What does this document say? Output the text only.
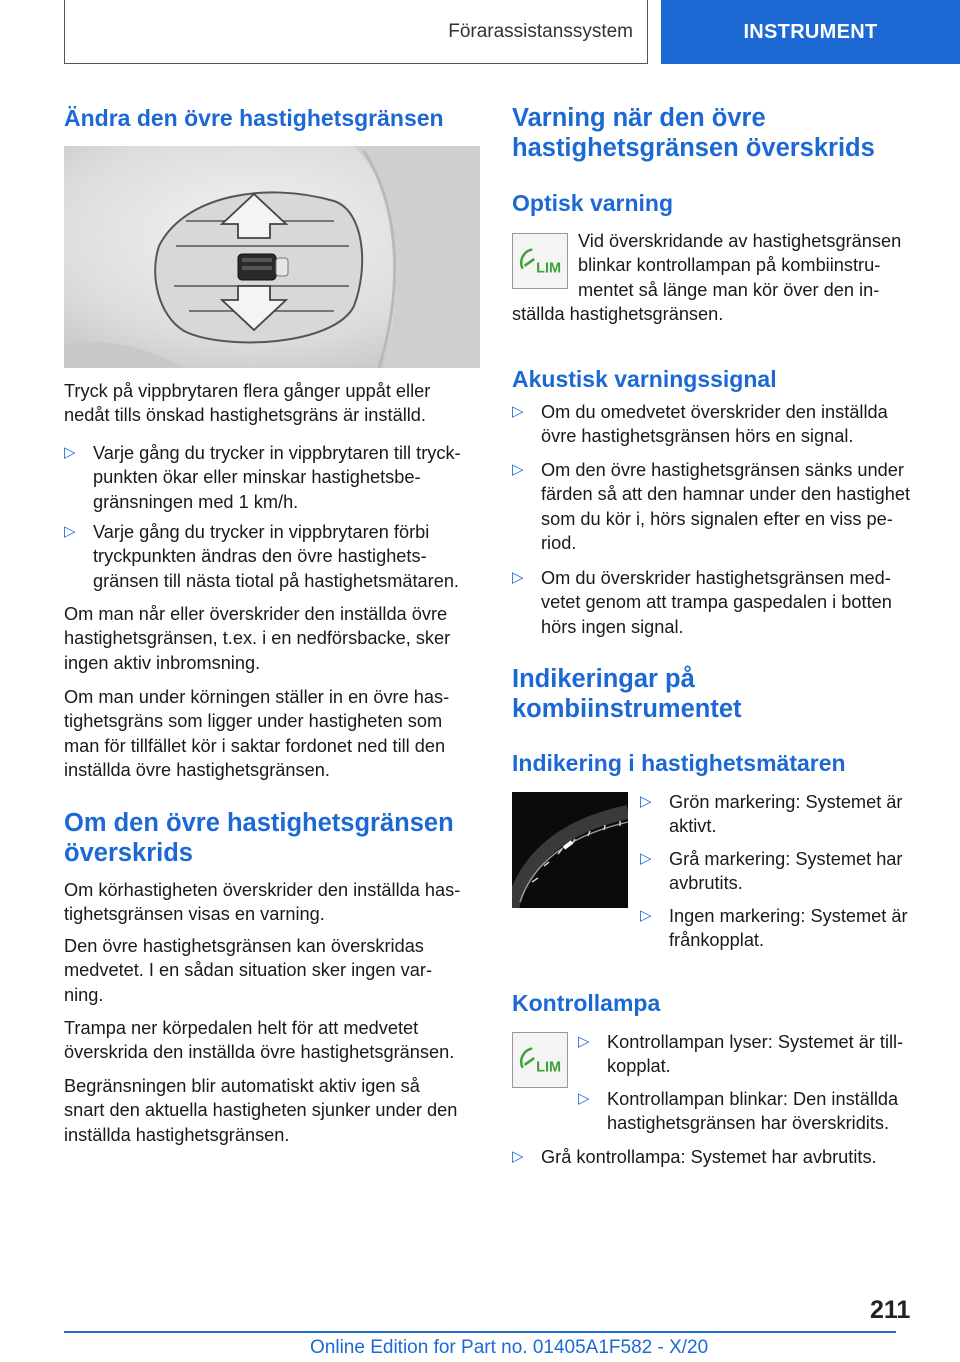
Förarassistanssystem	INSTRUMENT
Ändra den övre hastighetsgränsen

Tryck på vippbrytaren flera gånger uppåt eller

nedåt tills önskad hastighetsgräns är inställd.

▷ Varje gång du trycker in vippbrytaren till tryck-
punkten ökar eller minskar hastighetsbe-
gränsningen med 1 km/h.
▷ Varje gång du trycker in vippbrytaren förbi
tryckpunkten ändras den övre hastighets-
gränsen till nästa tiotal på hastighetsmätaren.

Om man når eller överskrider den inställda övre

hastighetsgränsen, t.ex. i en nedförsbacke, sker

ingen aktiv inbromsning.

Om man under körningen ställer in en övre has-

tighetsgräns som ligger under hastigheten som

man för tillfället kör i saktar fordonet ned till den

inställda övre hastighetsgränsen.

Om den övre hastighetsgränsen
överskrids

Om körhastigheten överskrider den inställda has-

tighetsgränsen visas en varning.

Den övre hastighetsgränsen kan överskridas

medvetet. I en sådan situation sker ingen var-

ning.

Trampa ner körpedalen helt för att medvetet

överskrida den inställda övre hastighetsgränsen.

Begränsningen blir automatiskt aktiv igen så

snart den aktuella hastigheten sjunker under den

inställda hastighetsgränsen.

Varning när den övre
hastighetsgränsen överskrids
Optisk varning
LIM

Vid överskridande av hastighetsgränsen

blinkar kontrollampan på kombiinstru-

mentet så länge man kör över den in-

ställda hastighetsgränsen.

Akustisk varningssignal
▷ Om du omedvetet överskrider den inställda
övre hastighetsgränsen hörs en signal.
▷ Om den övre hastighetsgränsen sänks under
färden så att den hamnar under den hastighet
som du kör i, hörs signalen efter en viss pe-
riod.
▷ Om du överskrider hastighetsgränsen med-
vetet genom att trampa gaspedalen i botten
hörs ingen signal.
Indikeringar på
kombiinstrumentet
Indikering i hastighetsmätaren
▷ Grön markering: Systemet är
aktivt.
▷ Grå markering: Systemet har
avbrutits.
▷ Ingen markering: Systemet är
frånkopplat.
Kontrollampa
LIM
▷ Kontrollampan lyser: Systemet är till-
kopplat.
▷ Kontrollampan blinkar: Den inställda
hastighetsgränsen har överskridits.
▷ Grå kontrollampa: Systemet har avbrutits.
211
Online Edition for Part no. 01405A1F582 - X/20
